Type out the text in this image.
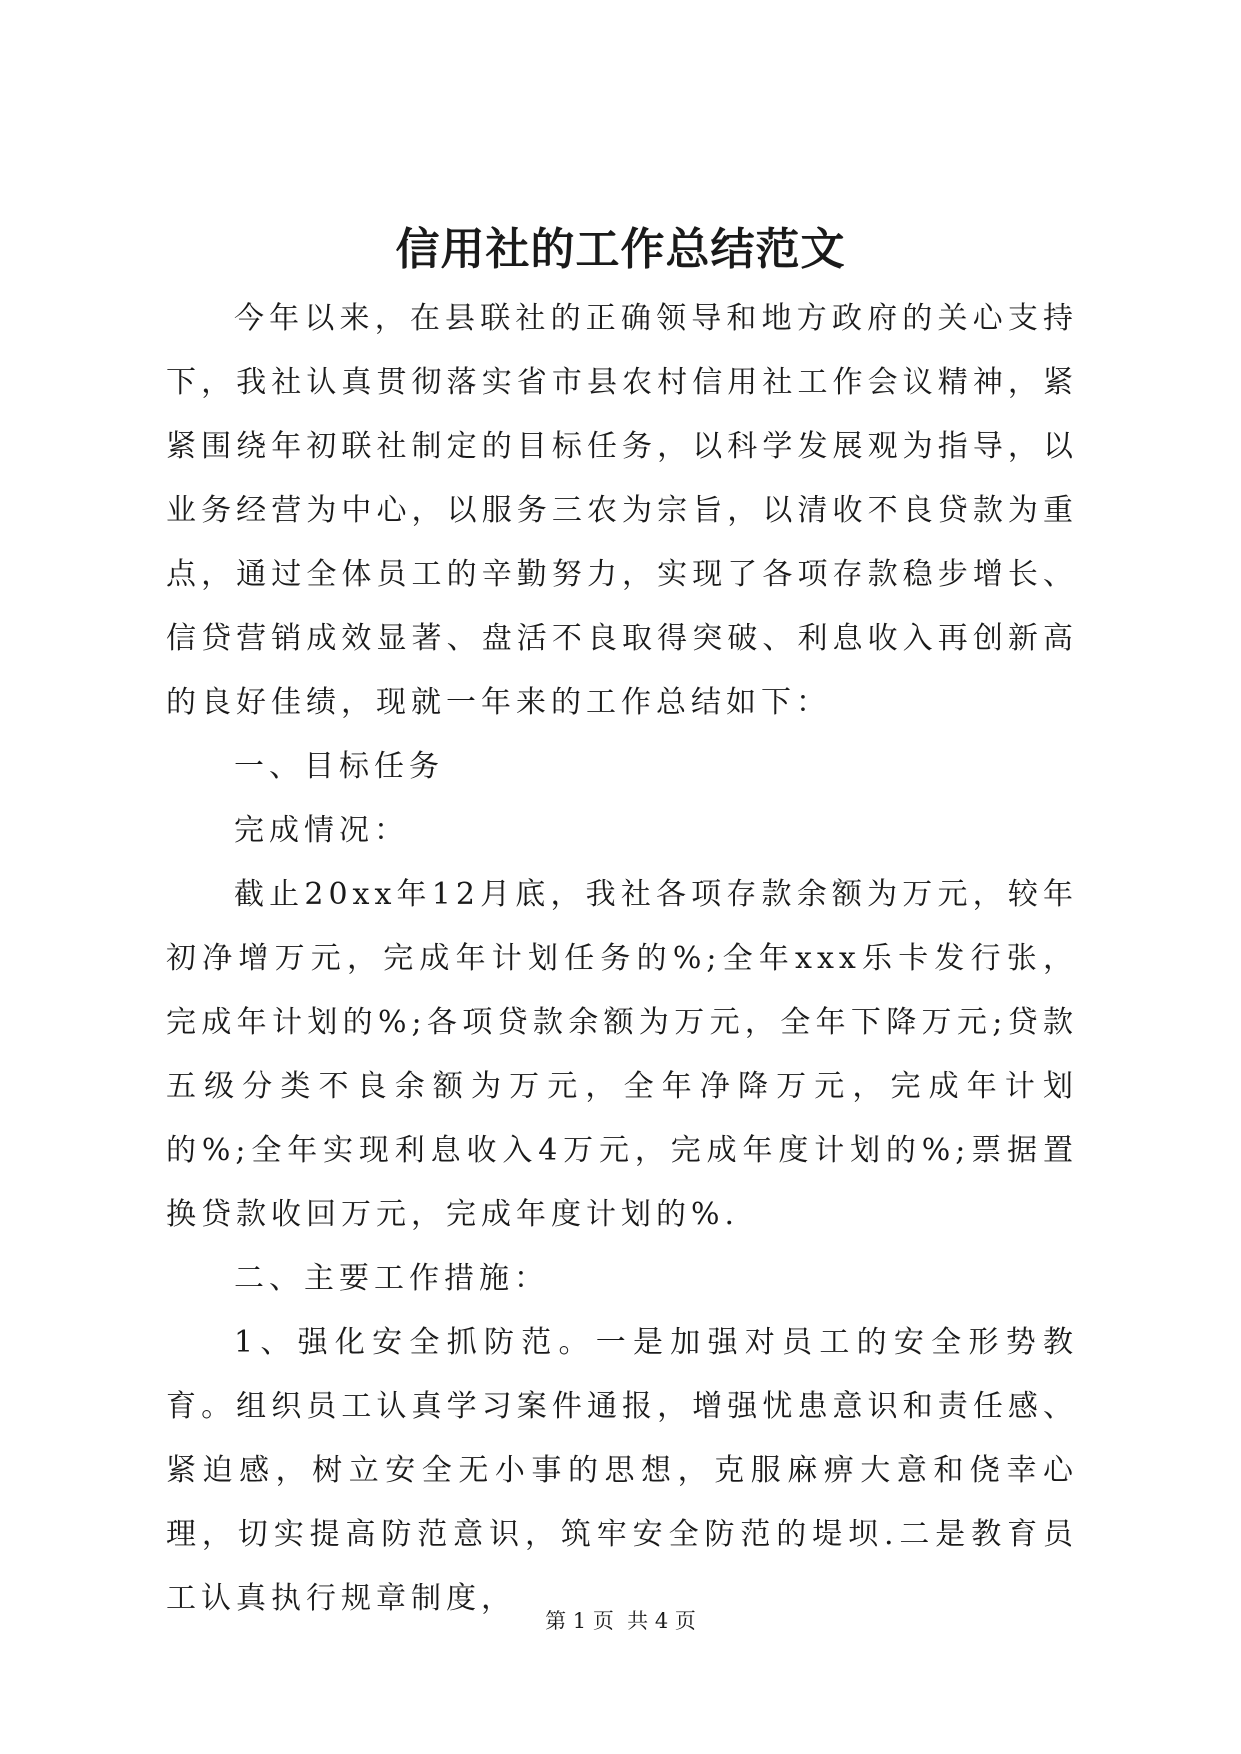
信用社的工作总结范文

今年以来，在县联社的正确领导和地方政府的关心支持下，我社认真贯彻落实省市县农村信用社工作会议精神，紧紧围绕年初联社制定的目标任务，以科学发展观为指导，以业务经营为中心，以服务三农为宗旨，以清收不良贷款为重点，通过全体员工的辛勤努力，实现了各项存款稳步增长、信贷营销成效显著、盘活不良取得突破、利息收入再创新高的良好佳绩，现就一年来的工作总结如下：

一、目标任务

完成情况：

截止20xx年12月底，我社各项存款余额为万元，较年初净增万元，完成年计划任务的%;全年xxx乐卡发行张，完成年计划的%;各项贷款余额为万元，全年下降万元;贷款五级分类不良余额为万元，全年净降万元，完成年计划的%;全年实现利息收入4万元，完成年度计划的%;票据置换贷款收回万元，完成年度计划的%.

二、主要工作措施：

1、强化安全抓防范。一是加强对员工的安全形势教育。组织员工认真学习案件通报，增强忧患意识和责任感、紧迫感，树立安全无小事的思想，克服麻痹大意和侥幸心理，切实提高防范意识，筑牢安全防范的堤坝.二是教育员工认真执行规章制度，

第 1 页  共 4 页
